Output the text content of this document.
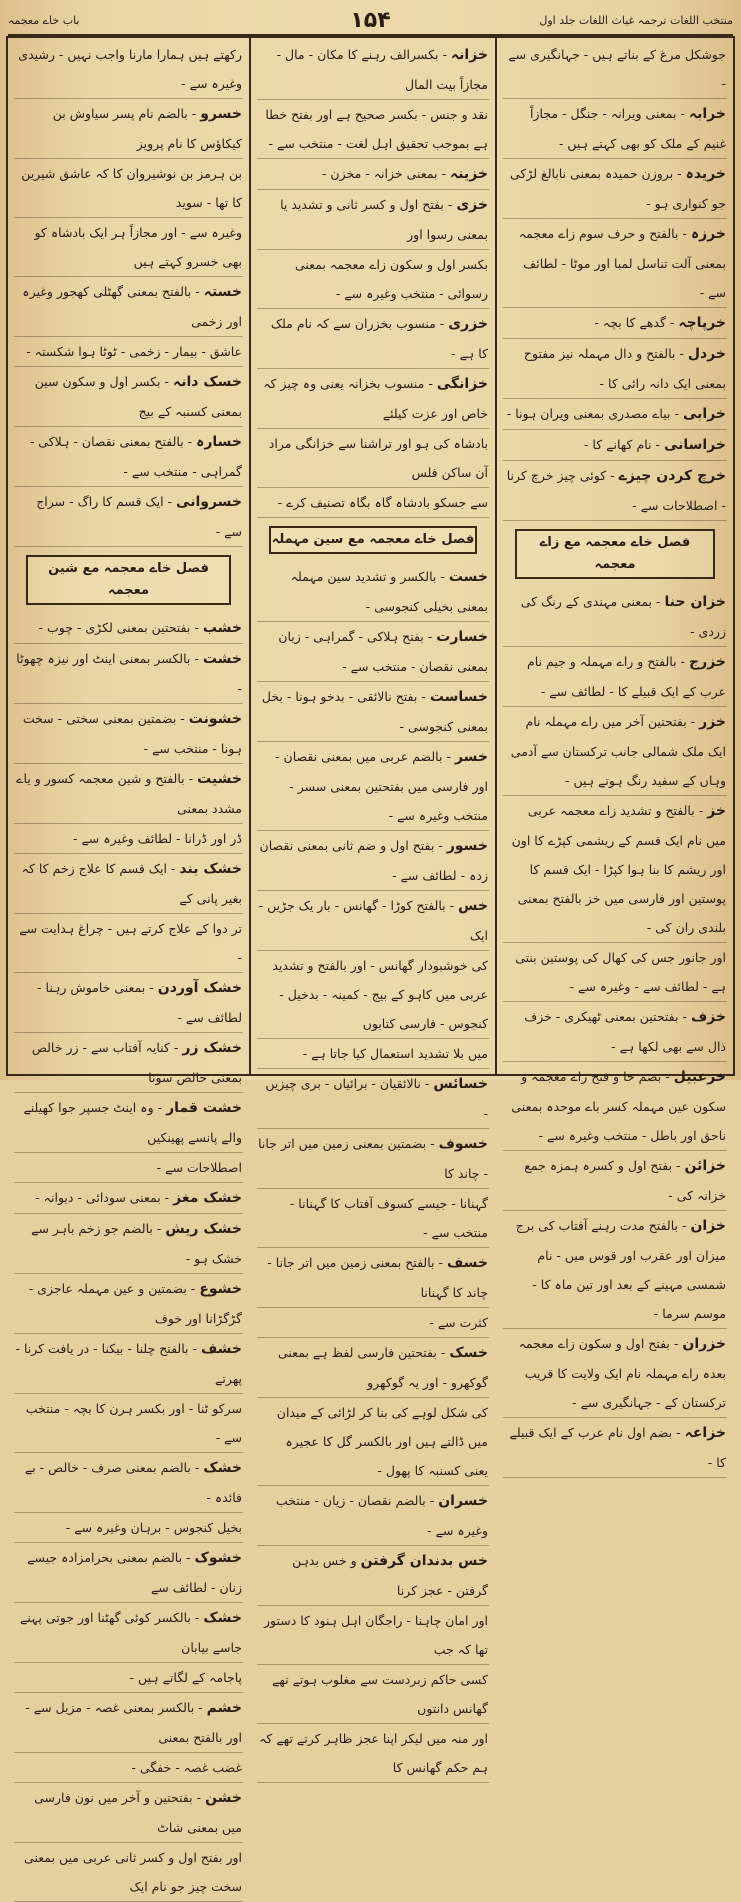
منتخب اللغات ترجمہ غیاث اللغات جلد اول
۱۵۴
باب خاے معجمہ
جوشکل مرغ کے بناتے ہیں - جہانگیری سے -
خرابہ - بمعنی ویرانہ - جنگل - مجازاً غنیم کے ملک کو بھی کہتے ہیں -
خریدہ - بروزن حمیدہ بمعنی نابالغ لڑکی جو کنواری ہو -
خرزہ - بالفتح و حرف سوم زاے معجمہ بمعنی آلت تناسل لمبا اور موٹا - لطائف سے -
خرپاچہ - گدھے کا بچہ -
خردل - بالفتح و دال مہملہ نیز مفتوح بمعنی ایک دانہ رائی کا -
خرابی - بیاے مصدری بمعنی ویران ہونا -
خراسانی - نام کھانے کا -
خرچ کردن چیزے - کوئی چیز خرچ کرنا - اصطلاحات سے -
فصل خاے معجمہ مع زاے معجمہ
خزان حنا - بمعنی مہندی کے رنگ کی زردی -
خزرج - بالفتح و راے مہملہ و جیم نام عرب کے ایک قبیلے کا - لطائف سے -
خزر - بفتحتین آخر میں راے مہملہ نام ایک ملک شمالی جانب ترکستان سے آدمی وہاں کے سفید رنگ ہوتے ہیں -
خز - بالفتح و تشدید زاے معجمہ عربی میں نام ایک قسم کے ریشمی کپڑے کا اون اور ریشم کا بنا ہوا کپڑا - ایک قسم کا پوستین اور فارسی میں خز بالفتح بمعنی بلندی ران کی -
اور جانور جس کی کھال کی پوستین بنتی ہے - لطائف سے - وغیرہ سے -
خزف - بفتحتین بمعنی ٹھیکری - خزف ذال سے بھی لکھا ہے -
خزعبیل - بضم خا و فتح زاے معجمہ و سکون عین مہملہ کسر باے موحدہ بمعنی ناحق اور باطل - منتخب وغیرہ سے -
خزائن - بفتح اول و کسرہ ہمزہ جمع خزانہ کی -
خزان - بالفتح مدت رہنے آفتاب کی برج میزان اور عقرب اور قوس میں - نام شمسی مہینے کے بعد اور تین ماہ کا - موسم سرما -
خزران - بفتح اول و سکون زاے معجمہ بعدہ راے مہملہ نام ایک ولایت کا قریب ترکستان کے - جہانگیری سے -
خزاعہ - بضم اول نام عرب کے ایک قبیلے کا -
خزانہ - بکسرالف رہنے کا مکان - مال - مجازاً بیت المال
نقد و جنس - بکسر صحیح ہے اور بفتح خطا ہے بموجب تحقیق اہل لغت - منتخب سے -
خزینہ - بمعنی خزانہ - مخزن -
خزی - بفتح اول و کسر ثانی و تشدید یا بمعنی رسوا اور
بکسر اول و سکون زاے معجمہ بمعنی رسوائی - منتخب وغیرہ سے -
خزری - منسوب بخزران سے کہ نام ملک کا ہے -
خزانگی - منسوب بخزانہ یعنی وہ چیز کہ خاص اور عزت کیلئے
بادشاہ کی ہو اور تراشنا سے خزانگی مراد آن ساکن فلس
سے جسکو بادشاہ گاہ بگاہ تصنیف کرے -
فصل خاے معجمہ مع سین مہملہ
خست - بالکسر و تشدید سین مہملہ بمعنی بخیلی کنجوسی -
خسارت - بفتح ہلاکی - گمراہی - زیان بمعنی نقصان - منتخب سے -
خساست - بفتح نالائقی - بدخو ہونا - بخل بمعنی کنجوسی -
خسر - بالضم عربی میں بمعنی نقصان - اور فارسی میں بفتحتین بمعنی سسر - منتخب وغیرہ سے -
خسور - بفتح اول و ضم ثانی بمعنی نقصان زدہ - لطائف سے -
خس - بالفتح کوڑا - گھانس - بار یک جڑیں - ایک
کی خوشبودار گھانس - اور بالفتح و تشدید عربی میں کاہو کے بیج - کمینہ - بدخیل - کنجوس - فارسی کتابوں
میں بلا تشدید استعمال کیا جاتا ہے -
خسائس - نالائقیان - برائیاں - بری چیزیں -
خسوف - بضمتین بمعنی زمین میں اتر جانا - چاند کا
گہنانا - جیسے کسوف آفتاب کا گہنانا - منتخب سے -
خسف - بالفتح بمعنی زمین میں اتر جانا - چاند کا گہنانا
کثرت سے -
خسک - بفتحتین فارسی لفظ ہے بمعنی گوکھرو - اور یہ گوکھرو
کی شکل لوہے کی بنا کر لڑائی کے میدان میں ڈالتے ہیں اور بالکسر گل کا عجیرہ یعنی کسنبہ کا پھول -
خسران - بالضم نقصان - زیان - منتخب وغیرہ سے -
خس بدندان گرفتن و خس بدہن گرفتن - عجز کرنا
اور امان چاہنا - راجگان اہل ہنود کا دستور تھا کہ جب
کسی حاکم زبردست سے مغلوب ہوتے تھے گھانس دانتوں
اور منہ میں لیکر اپنا عجز ظاہر کرتے تھے کہ ہم حکم گھانس کا
رکھتے ہیں ہمارا مارنا واجب نہیں - رشیدی وغیرہ سے -
خسرو - بالضم نام پسر سیاوش بن کیکاؤس کا نام پرویز
بن ہرمز بن نوشیروان کا کہ عاشق شیرین کا تھا - سوید
وغیرہ سے - اور مجازاً ہر ایک بادشاہ کو بھی خسرو کہتے ہیں
خستہ - بالفتح بمعنی گھٹلی کھجور وغیرہ اور زخمی
عاشق - بیمار - زخمی - ٹوٹا ہوا شکستہ -
خسک دانہ - بکسر اول و سکون سین بمعنی کسنبہ کے بیج
خسارہ - بالفتح بمعنی نقصان - ہلاکی - گمراہی - منتخب سے -
خسروانی - ایک قسم کا راگ - سراج سے -
فصل خاے معجمہ مع شین معجمہ
خشب - بفتحتین بمعنی لکڑی - چوب -
خشت - بالکسر بمعنی اینٹ اور نیزہ چھوٹا -
خشونت - بضمتین بمعنی سختی - سخت ہونا - منتخب سے -
خشیت - بالفتح و شین معجمہ کسور و یاے مشدد بمعنی
ڈر اور ڈرانا - لطائف وغیرہ سے -
خشک بند - ایک قسم کا علاج زخم کا کہ بغیر پانی کے
تر دوا کے علاج کرتے ہیں - چراغ ہدایت سے -
خشک آوردن - بمعنی خاموش رہنا - لطائف سے -
خشک زر - کنایہ آفتاب سے - زر خالص بمعنی خالص سونا
خشت قمار - وہ اینٹ جسپر جوا کھیلنے والے پانسے پھینکیں
اصطلاحات سے -
خشک مغز - بمعنی سودائی - دیوانہ -
خشک ریش - بالضم جو زخم باہر سے خشک ہو -
خشوع - بضمتین و عین مہملہ عاجزی - گڑگڑانا اور خوف
خشف - بالفتح چلنا - بیکنا - در یافت کرنا - پھرتے
سرکو ٹنا - اور بکسر ہرن کا بچہ - منتخب سے -
خشک - بالضم بمعنی صرف - خالص - بے فائدہ -
بخیل کنجوس - برہان وغیرہ سے -
خشوک - بالضم بمعنی بحرامزادہ جیسے زنان - لطائف سے
خشک - بالکسر کوئی گھٹنا اور جوتی پہنے جاسے بیابان
پاجامہ کے لگاتے ہیں -
خشم - بالکسر بمعنی غصہ - مزیل سے - اور بالفتح بمعنی
غضب غصہ - خفگی -
خشن - بفتحتین و آخر میں نون فارسی میں بمعنی شاٹ
اور بفتح اول و کسر ثانی عربی میں بمعنی سخت چیز جو نام ایک
